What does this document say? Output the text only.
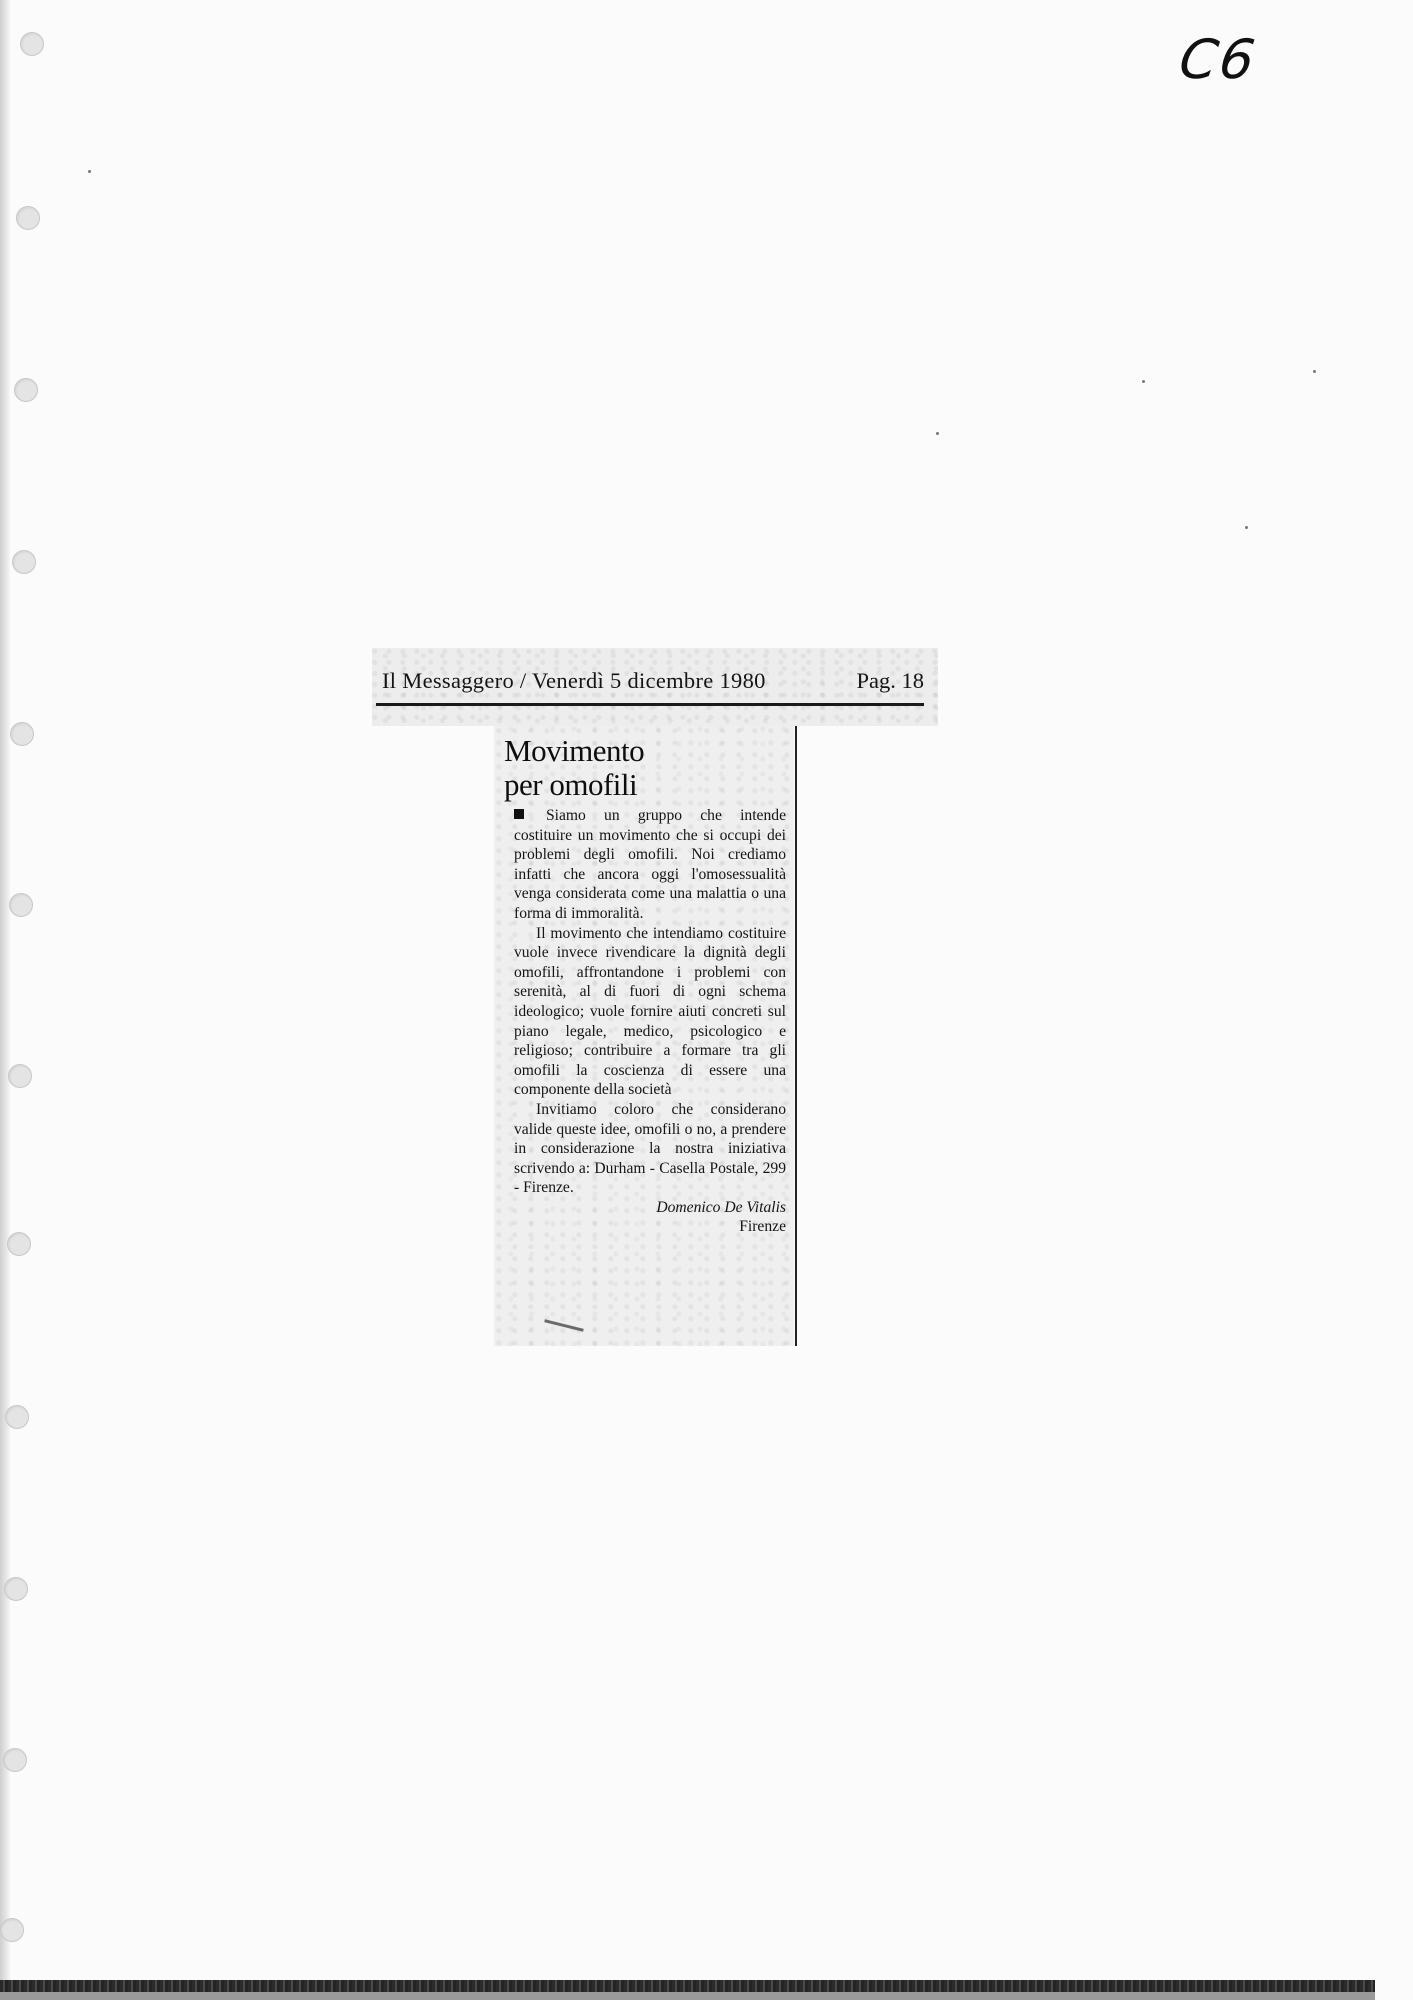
C6
Il Messaggero / Venerdì 5 dicembre 1980	Pag. 18
Movimento
per omofili

Siamo un gruppo che intende costituire un movimento che si occupi dei problemi degli omofili. Noi crediamo infatti che ancora oggi l'omosessualità venga considerata come una malattia o una forma di immoralità.

Il movimento che intendiamo costituire vuole invece rivendicare la dignità degli omofili, affrontandone i problemi con serenità, al di fuori di ogni schema ideologico; vuole fornire aiuti concreti sul piano legale, medico, psicologico e religioso; contribuire a formare tra gli omofili la coscienza di essere una componente della società

Invitiamo coloro che considerano valide queste idee, omofili o no, a prendere in considerazione la nostra iniziativa scrivendo a: Durham - Casella Postale, 299 - Firenze.

Domenico De Vitalis

Firenze
